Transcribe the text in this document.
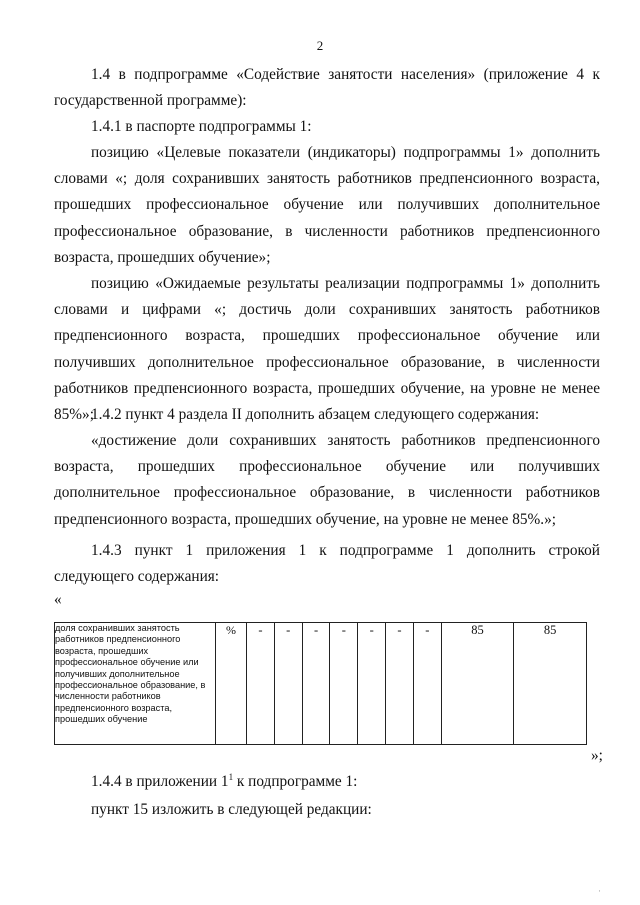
2

1.4 в подпрограмме «Содействие занятости населения» (приложение 4 к государственной программе):

1.4.1 в паспорте подпрограммы 1:

позицию «Целевые показатели (индикаторы) подпрограммы 1» дополнить словами «; доля сохранивших занятость работников предпенсионного возраста, прошедших профессиональное обучение или получивших дополнительное профессиональное образование, в численности работников предпенсионного возраста, прошедших обучение»;

позицию «Ожидаемые результаты реализации подпрограммы 1» дополнить словами и цифрами «; достичь доли сохранивших занятость работников предпенсионного возраста, прошедших профессиональное обучение или получивших дополнительное профессиональное образование, в численности работников предпенсионного возраста, прошедших обучение, на уровне не менее 85%»;

1.4.2 пункт 4 раздела II дополнить абзацем следующего содержания:

«достижение доли сохранивших занятость работников предпенсионного возраста, прошедших профессиональное обучение или получивших дополнительное профессиональное образование, в численности работников предпенсионного возраста, прошедших обучение, на уровне не менее 85%.»;

1.4.3 пункт 1 приложения 1 к подпрограмме 1 дополнить строкой следующего содержания:

«
доля сохранивших занятость работников предпенсионного возраста, прошедших профессиональное обучение или получивших дополнительное профессиональное образование, в численности работников предпенсионного возраста, прошедших обучение	%	-	-	-	-	-	-	-	85	85
»;

1.4.4 в приложении $1^1$ к подпрограмме 1:

пункт 15 изложить в следующей редакции:

·
